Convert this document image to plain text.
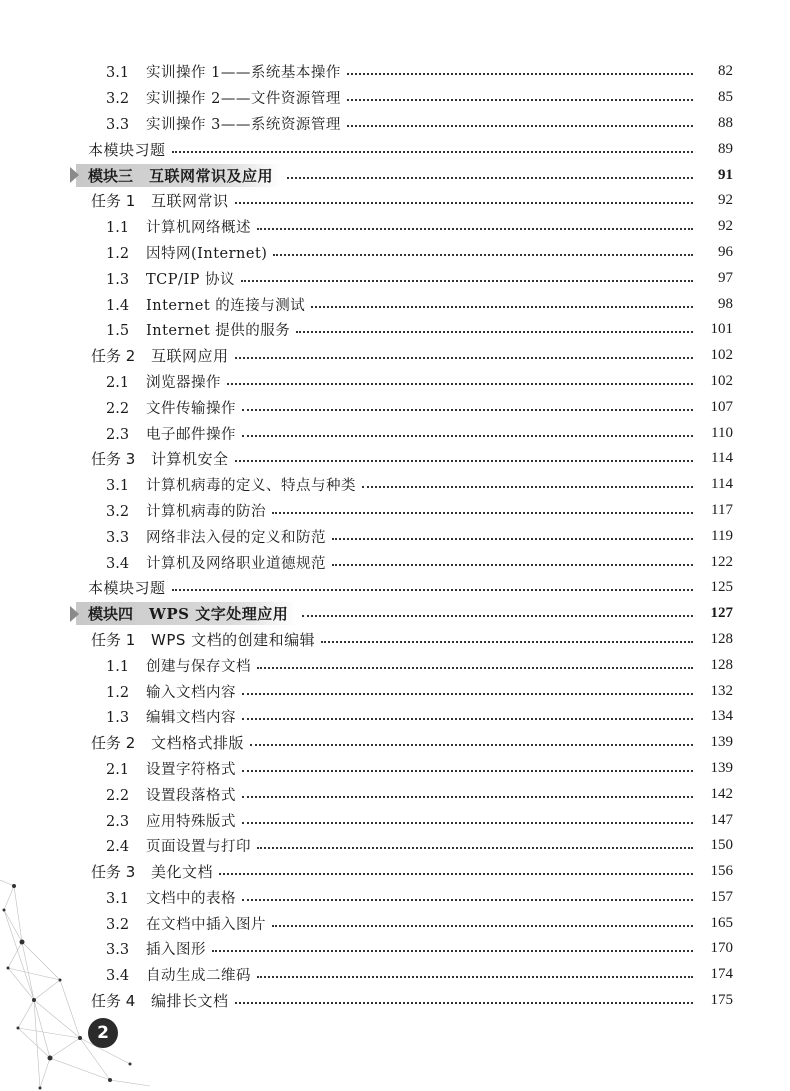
3.1 实训操作 1——系统基本操作	82
3.2 实训操作 2——文件资源管理	85
3.3 实训操作 3——系统资源管理	88
本模块习题	89
模块三 互联网常识及应用	91
任务 1 互联网常识	92
1.1 计算机网络概述	92
1.2 因特网(Internet)	96
1.3 TCP/IP 协议	97
1.4 Internet 的连接与测试	98
1.5 Internet 提供的服务	101
任务 2 互联网应用	102
2.1 浏览器操作	102
2.2 文件传输操作	107
2.3 电子邮件操作	110
任务 3 计算机安全	114
3.1 计算机病毒的定义、特点与种类	114
3.2 计算机病毒的防治	117
3.3 网络非法入侵的定义和防范	119
3.4 计算机及网络职业道德规范	122
本模块习题	125
模块四 WPS 文字处理应用	127
任务 1 WPS 文档的创建和编辑	128
1.1 创建与保存文档	128
1.2 输入文档内容	132
1.3 编辑文档内容	134
任务 2 文档格式排版	139
2.1 设置字符格式	139
2.2 设置段落格式	142
2.3 应用特殊版式	147
2.4 页面设置与打印	150
任务 3 美化文档	156
3.1 文档中的表格	157
3.2 在文档中插入图片	165
3.3 插入图形	170
3.4 自动生成二维码	174
任务 4 编排长文档	175
2
